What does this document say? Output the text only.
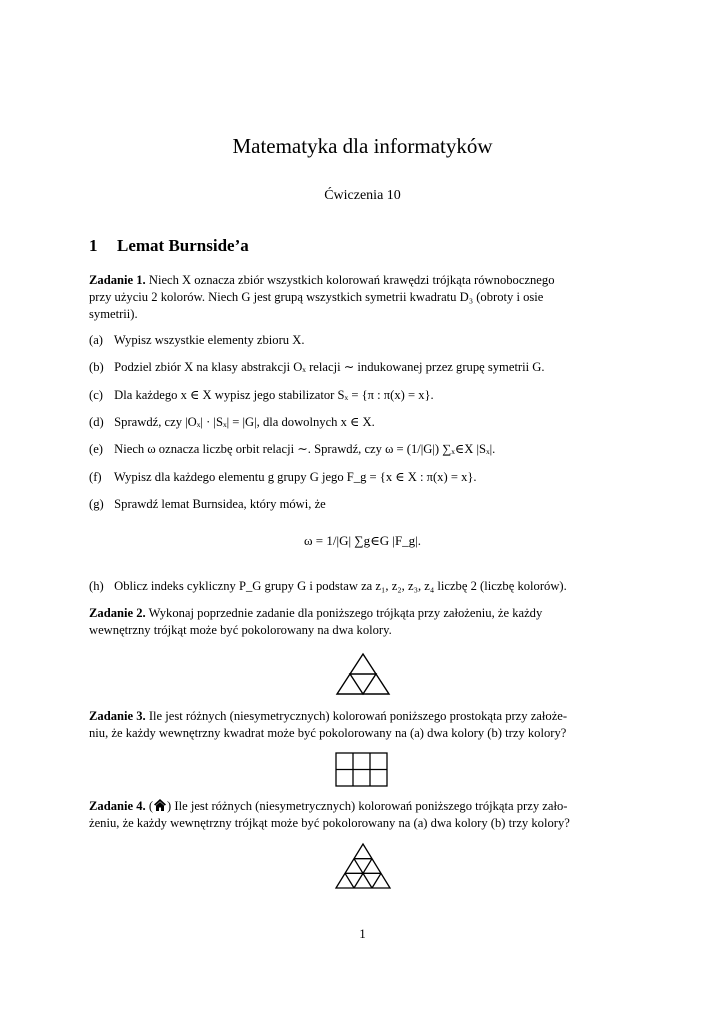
Matematyka dla informatyków
Ćwiczenia 10
1 Lemat Burnside’a
Zadanie 1. Niech X oznacza zbiór wszystkich kolorowań krawędzi trójkąta równobocznego
przy użyciu 2 kolorów. Niech G jest grupą wszystkich symetrii kwadratu D₃ (obroty i osie
symetrii).
(a) Wypisz wszystkie elementy zbioru X.
(b) Podziel zbiór X na klasy abstrakcji Oₓ relacji ∼ indukowanej przez grupę symetrii G.
(c) Dla każdego x ∈ X wypisz jego stabilizator Sₓ = {π : π(x) = x}.
(d) Sprawdź, czy |Oₓ| · |Sₓ| = |G|, dla dowolnych x ∈ X.
(e) Niech ω oznacza liczbę orbit relacji ∼. Sprawdź, czy ω = (1/|G|) ∑ₓ∈X |Sₓ|.
(f) Wypisz dla każdego elementu g grupy G jego F_g = {x ∈ X : π(x) = x}.
(g) Sprawdź lemat Burnsidea, który mówi, że
ω = 1/|G| ∑g∈G |F_g|.
(h) Oblicz indeks cykliczny P_G grupy G i podstaw za z₁, z₂, z₃, z₄ liczbę 2 (liczbę kolorów).
Zadanie 2. Wykonaj poprzednie zadanie dla poniższego trójkąta przy założeniu, że każdy
wewnętrzny trójkąt może być pokolorowany na dwa kolory.
Zadanie 3. Ile jest różnych (niesymetrycznych) kolorowań poniższego prostokąta przy założe-
niu, że każdy wewnętrzny kwadrat może być pokolorowany na (a) dwa kolory (b) trzy kolory?
Zadanie 4. ( ) Ile jest różnych (niesymetrycznych) kolorowań poniższego trójkąta przy zało-
żeniu, że każdy wewnętrzny trójkąt może być pokolorowany na (a) dwa kolory (b) trzy kolory?
1
